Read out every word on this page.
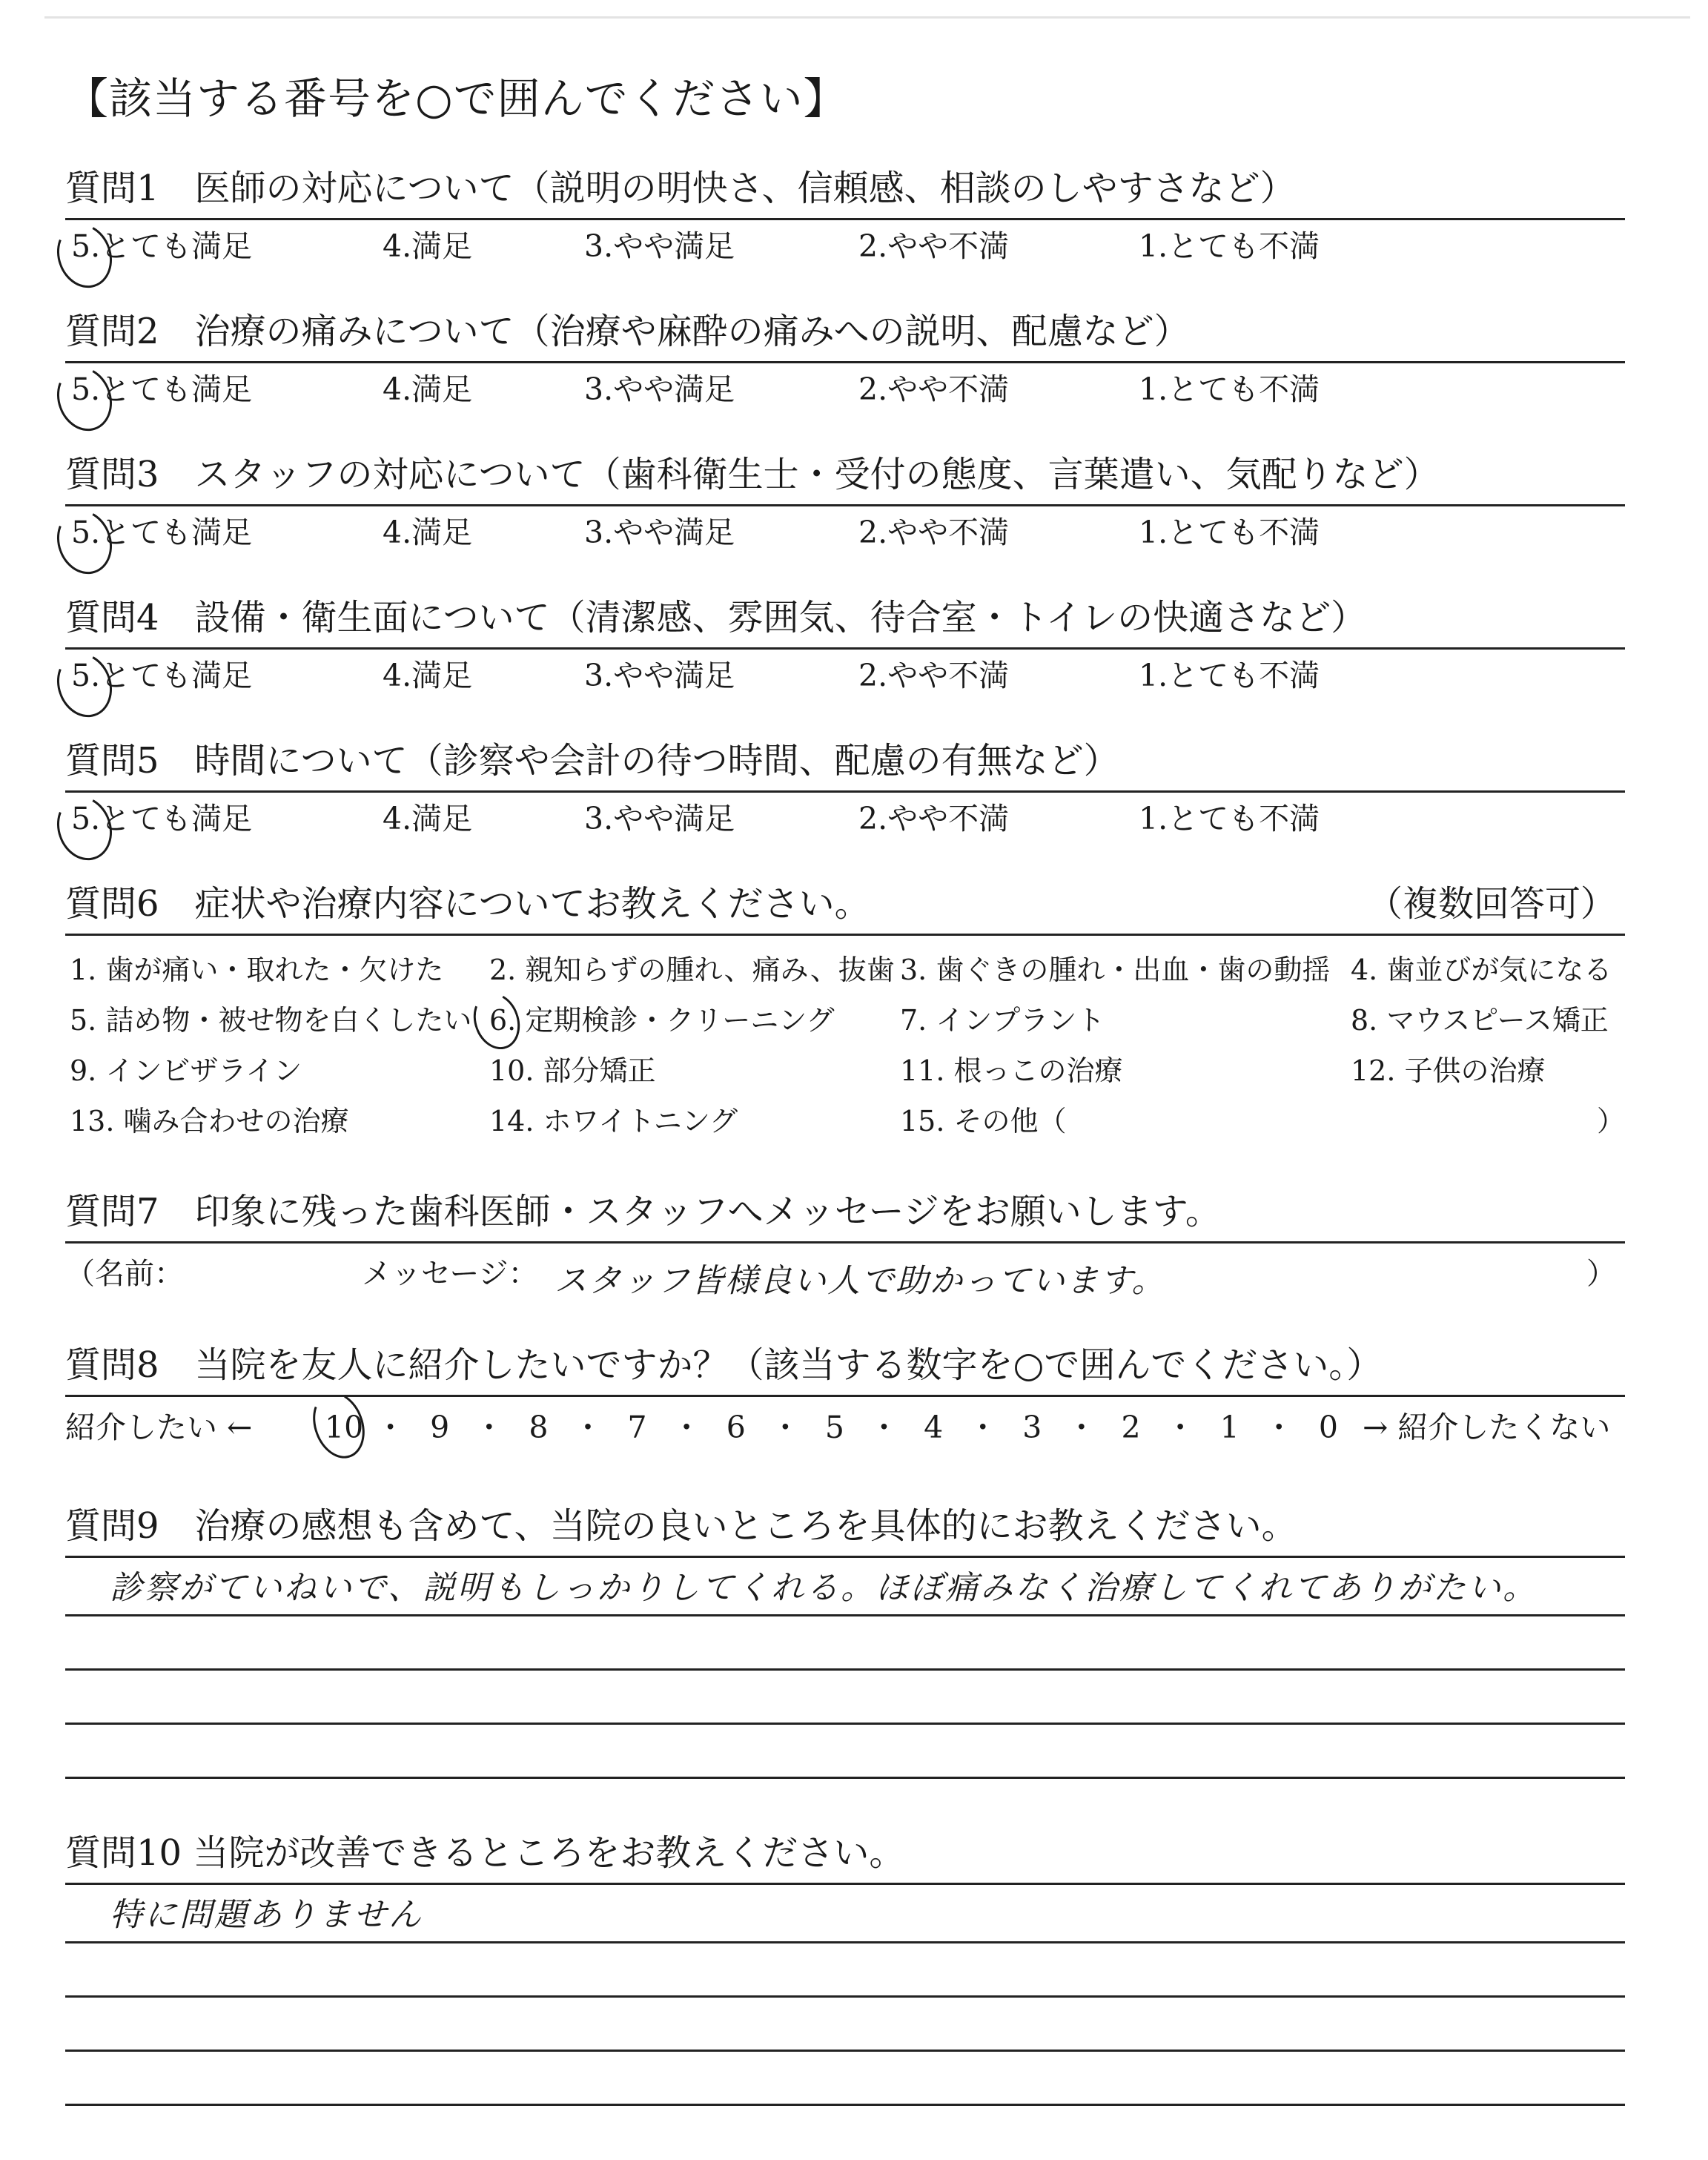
【該当する番号を○で囲んでください】
質問1　医師の対応について（説明の明快さ、信頼感、相談のしやすさなど）
5.とても満足	4.満足	3.やや満足	2.やや不満	1.とても不満
質問2　治療の痛みについて（治療や麻酔の痛みへの説明、配慮など）
5.とても満足	4.満足	3.やや満足	2.やや不満	1.とても不満
質問3　スタッフの対応について（歯科衛生士・受付の態度、言葉遣い、気配りなど）
5.とても満足	4.満足	3.やや満足	2.やや不満	1.とても不満
質問4　設備・衛生面について（清潔感、雰囲気、待合室・トイレの快適さなど）
5.とても満足	4.満足	3.やや満足	2.やや不満	1.とても不満
質問5　時間について（診察や会計の待つ時間、配慮の有無など）
5.とても満足	4.満足	3.やや満足	2.やや不満	1.とても不満
質問6　症状や治療内容についてお教えください。	（複数回答可）
1. 歯が痛い・取れた・欠けた	2. 親知らずの腫れ、痛み、抜歯 3. 歯ぐきの腫れ・出血・歯の動揺 4. 歯並びが気になる
5. 詰め物・被せ物を白くしたい 6. 定期検診・クリーニング	7. インプラント	8. マウスピース矯正
9. インビザライン	10. 部分矯正	11. 根っこの治療	12. 子供の治療
13. 噛み合わせの治療	14. ホワイトニング	15. その他（	）
質問7　印象に残った歯科医師・スタッフへメッセージをお願いします。
（名前：	メッセージ： スタッフ皆様良い人で助かっています。	）
質問8　当院を友人に紹介したいですか？（該当する数字を○で囲んでください。）
紹介したい ←	10 ・ 9 ・ 8 ・ 7 ・ 6 ・ 5 ・ 4 ・ 3 ・ 2 ・ 1 ・ 0 → 紹介したくない
質問9　治療の感想も含めて、当院の良いところを具体的にお教えください。
診察がていねいで、説明もしっかりしてくれる。ほぼ痛みなく治療してくれてありがたい。
質問10 当院が改善できるところをお教えください。
特に問題ありません
